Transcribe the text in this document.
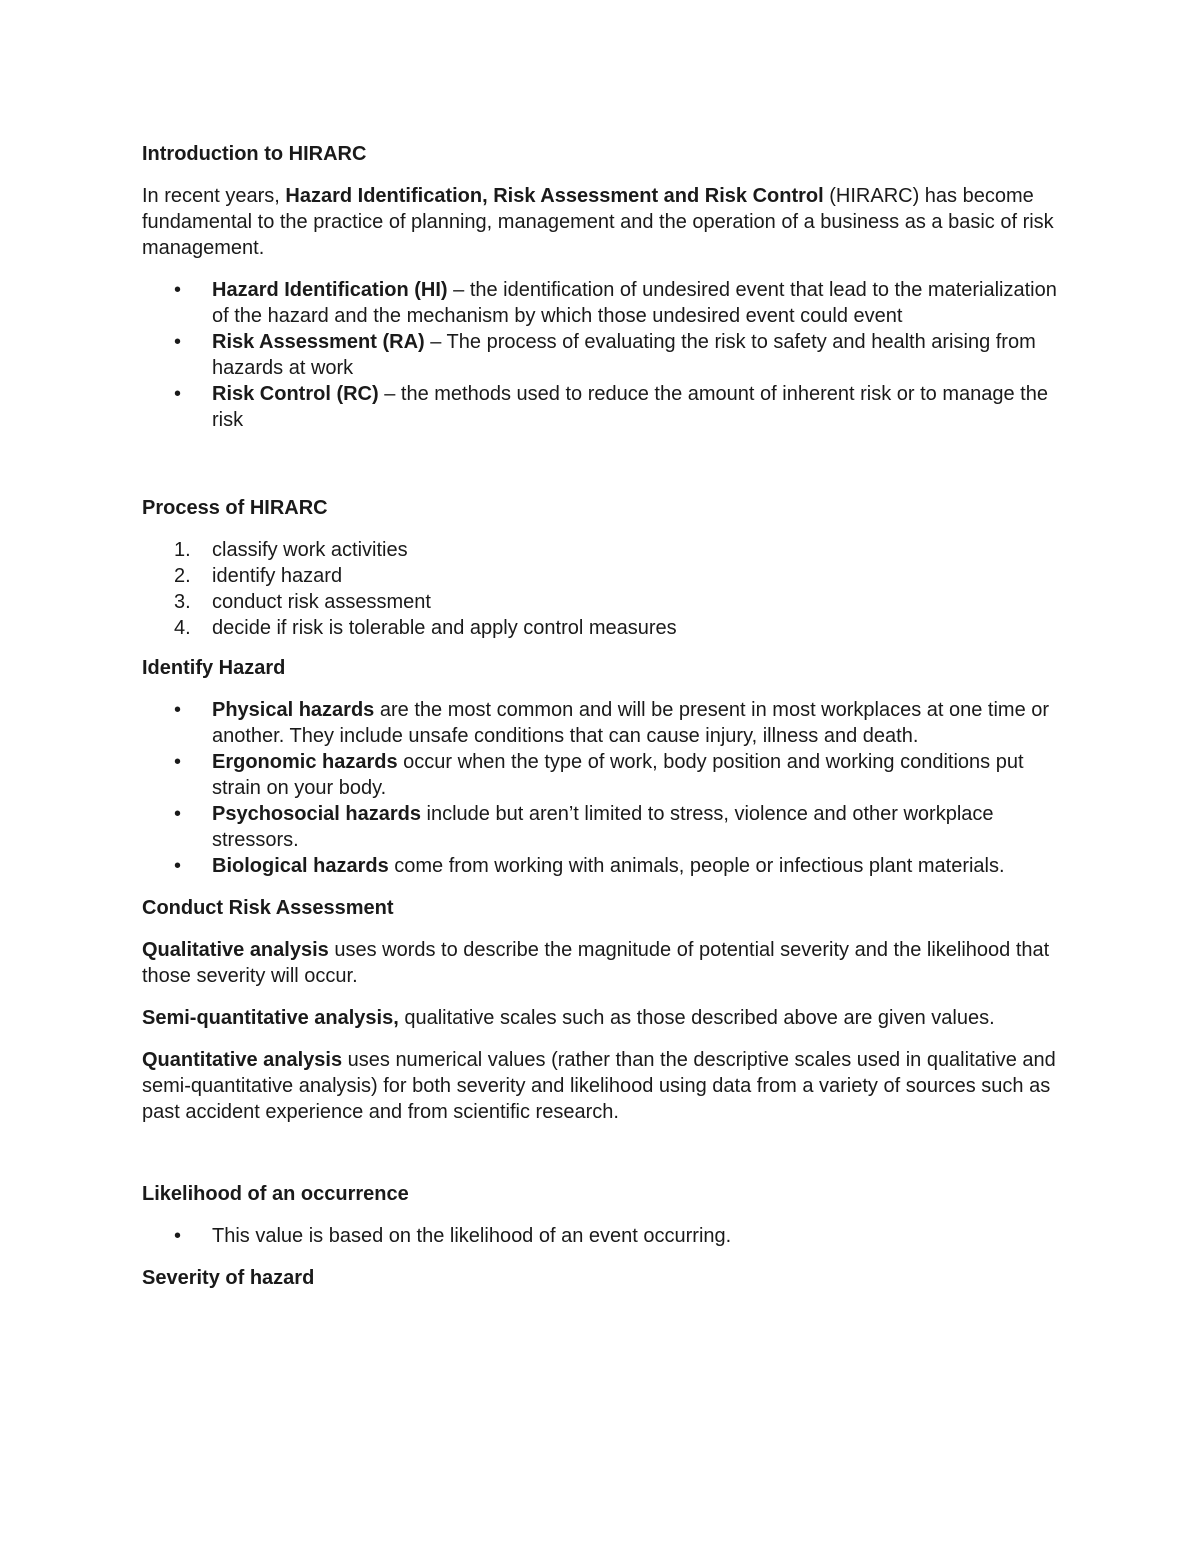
Introduction to HIRARC

In recent years, Hazard Identification, Risk Assessment and Risk Control (HIRARC) has become fundamental to the practice of planning, management and the operation of a business as a basic of risk management.

• Hazard Identification (HI) – the identification of undesired event that lead to the materialization of the hazard and the mechanism by which those undesired event could event
• Risk Assessment (RA) – The process of evaluating the risk to safety and health arising from hazards at work
• Risk Control (RC) – the methods used to reduce the amount of inherent risk or to manage the risk
Process of HIRARC
1.	classify work activities
2.	identify hazard
3.	conduct risk assessment
4.	decide if risk is tolerable and apply control measures
Identify Hazard
• Physical hazards are the most common and will be present in most workplaces at one time or another. They include unsafe conditions that can cause injury, illness and death.
• Ergonomic hazards occur when the type of work, body position and working conditions put strain on your body.
• Psychosocial hazards include but aren’t limited to stress, violence and other workplace stressors.
• Biological hazards come from working with animals, people or infectious plant materials.
Conduct Risk Assessment

Qualitative analysis uses words to describe the magnitude of potential severity and the likelihood that those severity will occur.

Semi-quantitative analysis, qualitative scales such as those described above are given values.

Quantitative analysis uses numerical values (rather than the descriptive scales used in qualitative and semi-quantitative analysis) for both severity and likelihood using data from a variety of sources such as past accident experience and from scientific research.

Likelihood of an occurrence
• This value is based on the likelihood of an event occurring.
Severity of hazard
